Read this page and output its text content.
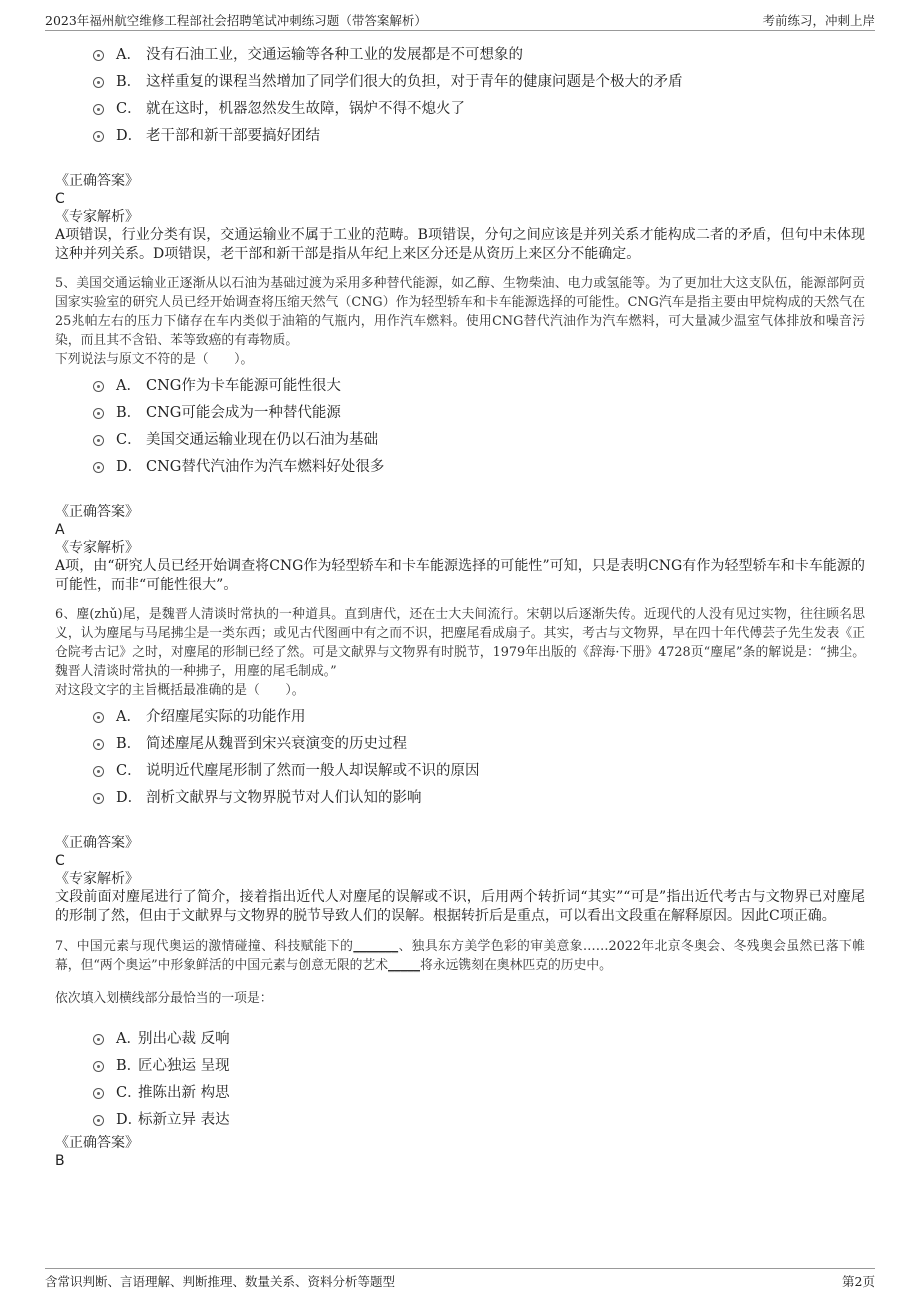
2023年福州航空维修工程部社会招聘笔试冲刺练习题（带答案解析）	考前练习，冲刺上岸
A． 没有石油工业，交通运输等各种工业的发展都是不可想象的
B． 这样重复的课程当然增加了同学们很大的负担，对于青年的健康问题是个极大的矛盾
C． 就在这时，机器忽然发生故障，锅炉不得不熄火了
D． 老干部和新干部要搞好团结

《正确答案》

C

《专家解析》

A项错误，行业分类有误，交通运输业不属于工业的范畴。B项错误，分句之间应该是并列关系才能构成二者的矛盾，但句中未体现这种并列关系。D项错误，老干部和新干部是指从年纪上来区分还是从资历上来区分不能确定。

5、美国交通运输业正逐渐从以石油为基础过渡为采用多种替代能源，如乙醇、生物柴油、电力或氢能等。为了更加壮大这支队伍，能源部阿贡国家实验室的研究人员已经开始调查将压缩天然气（CNG）作为轻型轿车和卡车能源选择的可能性。CNG汽车是指主要由甲烷构成的天然气在25兆帕左右的压力下储存在车内类似于油箱的气瓶内，用作汽车燃料。使用CNG替代汽油作为汽车燃料，可大量减少温室气体排放和噪音污染，而且其不含铅、苯等致癌的有毒物质。

下列说法与原文不符的是（　　）。

A． CNG作为卡车能源可能性很大
B． CNG可能会成为一种替代能源
C． 美国交通运输业现在仍以石油为基础
D． CNG替代汽油作为汽车燃料好处很多

《正确答案》

A

《专家解析》

A项，由“研究人员已经开始调查将CNG作为轻型轿车和卡车能源选择的可能性”可知，只是表明CNG有作为轻型轿车和卡车能源的可能性，而非“可能性很大”。

6、麈(zhǔ)尾，是魏晋人清谈时常执的一种道具。直到唐代，还在士大夫间流行。宋朝以后逐渐失传。近现代的人没有见过实物，往往顾名思义，认为麈尾与马尾拂尘是一类东西；或见古代图画中有之而不识，把麈尾看成扇子。其实，考古与文物界，早在四十年代傅芸子先生发表《正仓院考古记》之时，对麈尾的形制已经了然。可是文献界与文物界有时脱节，1979年出版的《辞海·下册》4728页“麈尾”条的解说是：“拂尘。魏晋人清谈时常执的一种拂子，用麈的尾毛制成。”

对这段文字的主旨概括最准确的是（　　）。

A． 介绍麈尾实际的功能作用
B． 简述麈尾从魏晋到宋兴衰演变的历史过程
C． 说明近代麈尾形制了然而一般人却误解或不识的原因
D． 剖析文献界与文物界脱节对人们认知的影响

《正确答案》

C

《专家解析》

文段前面对麈尾进行了简介，接着指出近代人对麈尾的误解或不识，后用两个转折词“其实”“可是”指出近代考古与文物界已对麈尾的形制了然，但由于文献界与文物界的脱节导致人们的误解。根据转折后是重点，可以看出文段重在解释原因。因此C项正确。

7、中国元素与现代奥运的激情碰撞、科技赋能下的_______、独具东方美学色彩的审美意象……2022年北京冬奥会、冬残奥会虽然已落下帷幕，但“两个奥运”中形象鲜活的中国元素与创意无限的艺术_____将永远镌刻在奥林匹克的历史中。

依次填入划横线部分最恰当的一项是：

A．
别出心裁 反响
B．
匠心独运 呈现
C．
推陈出新 构思
D．
标新立异 表达

《正确答案》

B

含常识判断、言语理解、判断推理、数量关系、资料分析等题型	第2页
